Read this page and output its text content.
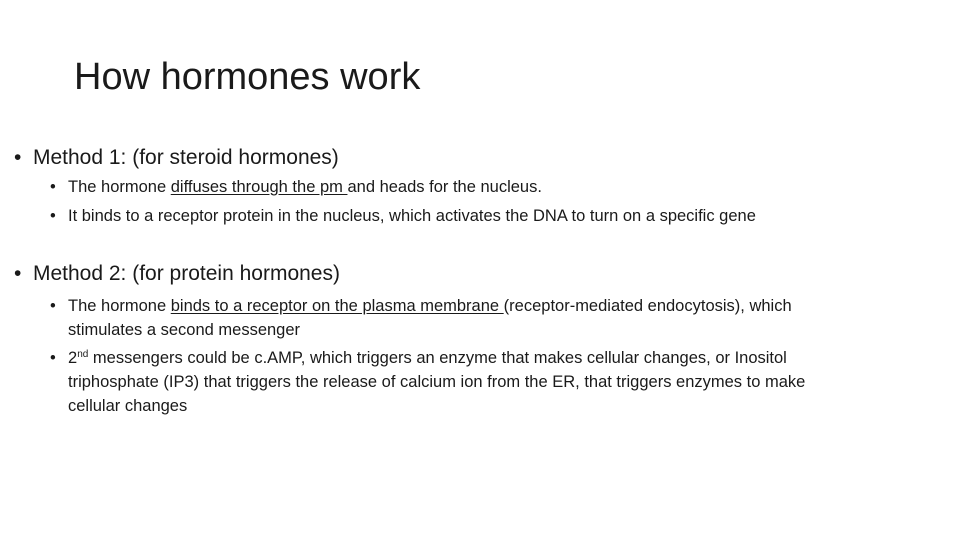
How hormones work
• Method 1: (for steroid hormones)
• The hormone diffuses through the pm and heads for the nucleus.
• It binds to a receptor protein in the nucleus, which activates the DNA to turn on a specific gene
• Method 2: (for protein hormones)
• The hormone binds to a receptor on the plasma membrane (receptor-mediated endocytosis), which stimulates a second messenger
• 2nd messengers could be c.AMP, which triggers an enzyme that makes cellular changes, or Inositol triphosphate (IP3) that triggers the release of calcium ion from the ER, that triggers enzymes to make cellular changes
